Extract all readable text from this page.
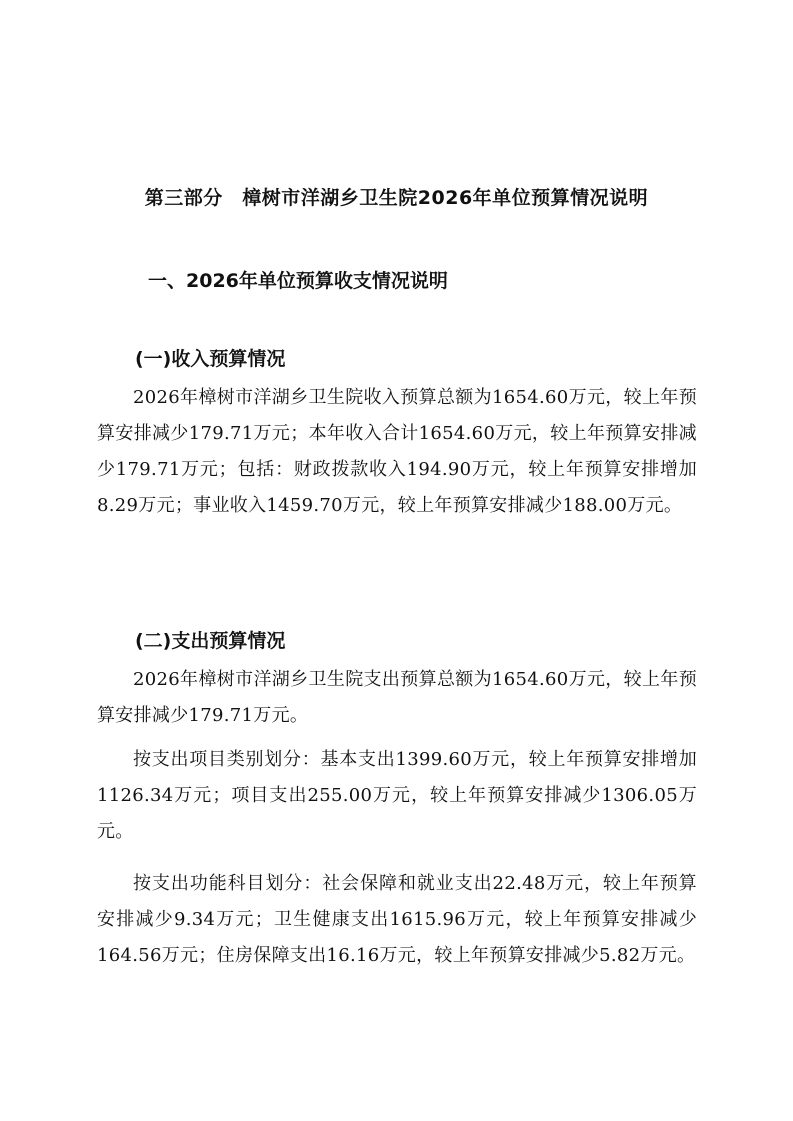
第三部分　樟树市洋湖乡卫生院2026年单位预算情况说明
一、2026年单位预算收支情况说明
(一)收入预算情况

2026年樟树市洋湖乡卫生院收入预算总额为1654.60万元，较上年预算安排减少179.71万元；本年收入合计1654.60万元，较上年预算安排减少179.71万元；包括：财政拨款收入194.90万元，较上年预算安排增加8.29万元；事业收入1459.70万元，较上年预算安排减少188.00万元。

(二)支出预算情况

2026年樟树市洋湖乡卫生院支出预算总额为1654.60万元，较上年预算安排减少179.71万元。

按支出项目类别划分：基本支出1399.60万元，较上年预算安排增加1126.34万元；项目支出255.00万元，较上年预算安排减少1306.05万元。

按支出功能科目划分：社会保障和就业支出22.48万元，较上年预算安排减少9.34万元；卫生健康支出1615.96万元，较上年预算安排减少164.56万元；住房保障支出16.16万元，较上年预算安排减少5.82万元。
